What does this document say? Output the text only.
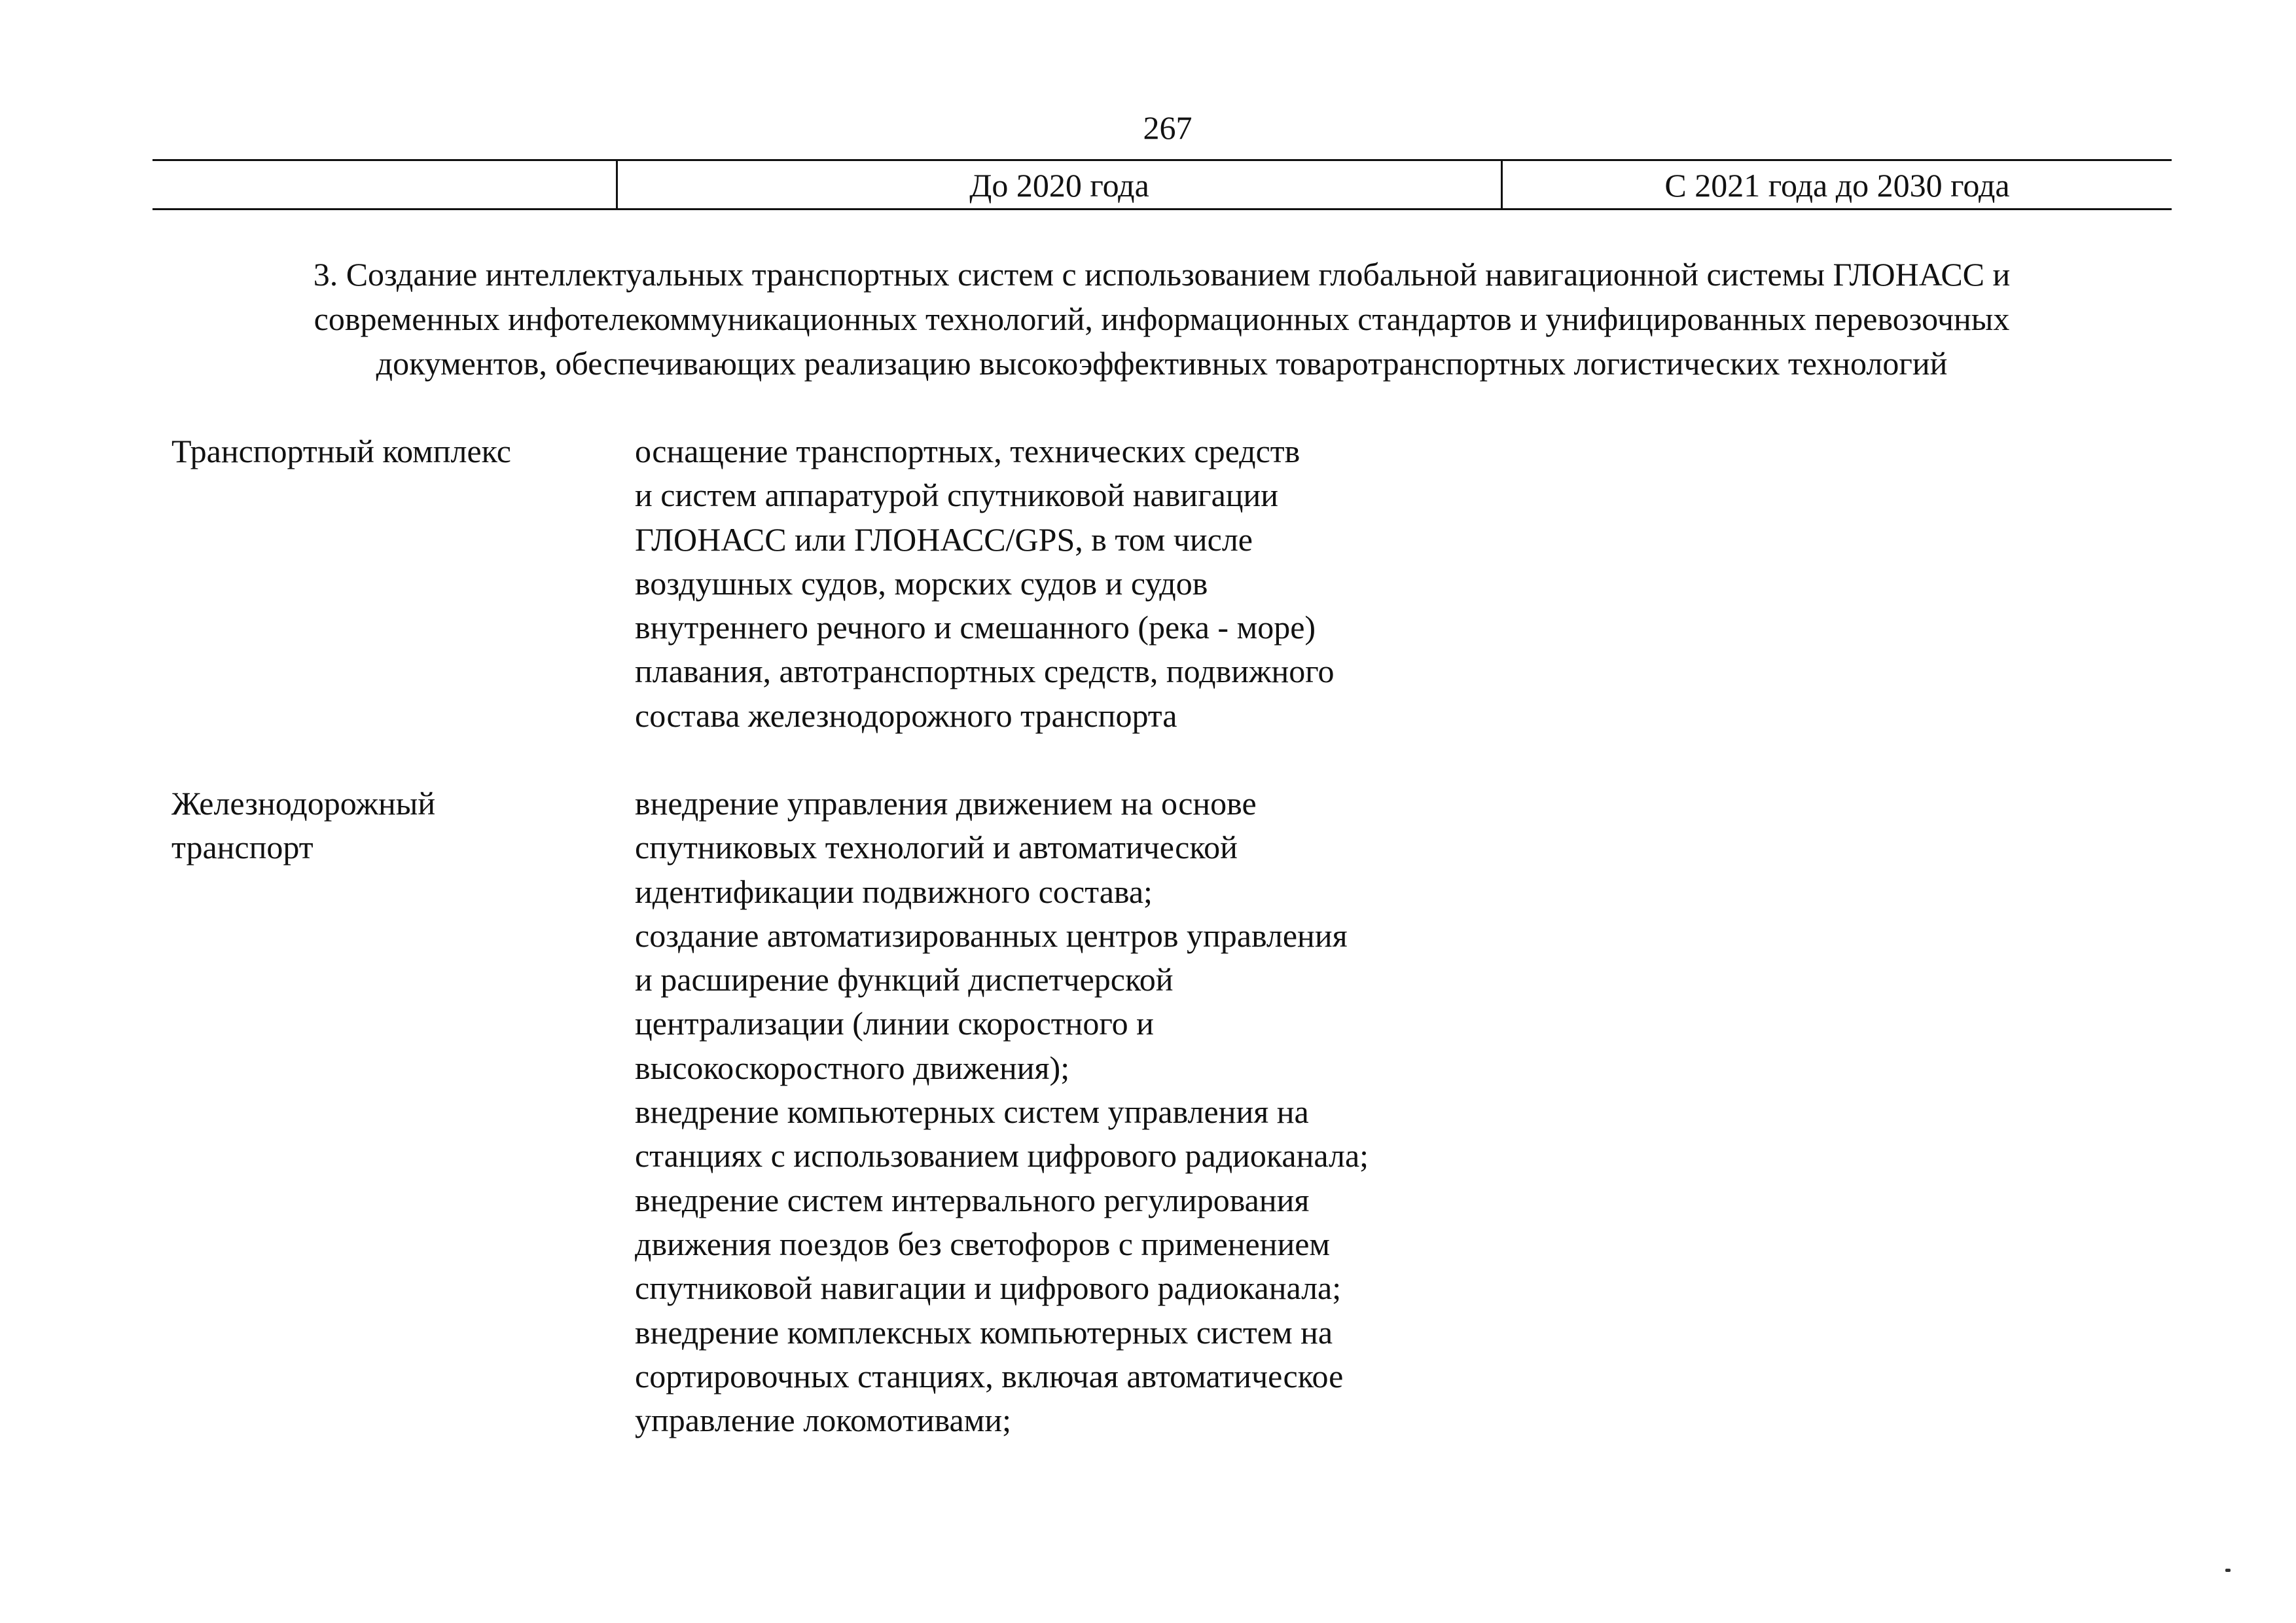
267
До 2020 года	С 2021 года до 2030 года
3. Создание интеллектуальных транспортных систем с использованием глобальной навигационной системы ГЛОНАСС и
современных инфотелекоммуникационных технологий, информационных стандартов и унифицированных перевозочных
документов, обеспечивающих реализацию высокоэффективных товаротранспортных логистических технологий
Транспортный комплекс	оснащение транспортных, технических средств
и систем аппаратурой спутниковой навигации
ГЛОНАСС или ГЛОНАСС/GPS, в том числе
воздушных судов, морских судов и судов
внутреннего речного и смешанного (река - море)
плавания, автотранспортных средств, подвижного
состава железнодорожного транспорта
Железнодорожный
транспорт
внедрение управления движением на основе
спутниковых технологий и автоматической
идентификации подвижного состава;
создание автоматизированных центров управления
и расширение функций диспетчерской
централизации (линии скоростного и
высокоскоростного движения);
внедрение компьютерных систем управления на
станциях с использованием цифрового радиоканала;
внедрение систем интервального регулирования
движения поездов без светофоров с применением
спутниковой навигации и цифрового радиоканала;
внедрение комплексных компьютерных систем на
сортировочных станциях, включая автоматическое
управление локомотивами;
